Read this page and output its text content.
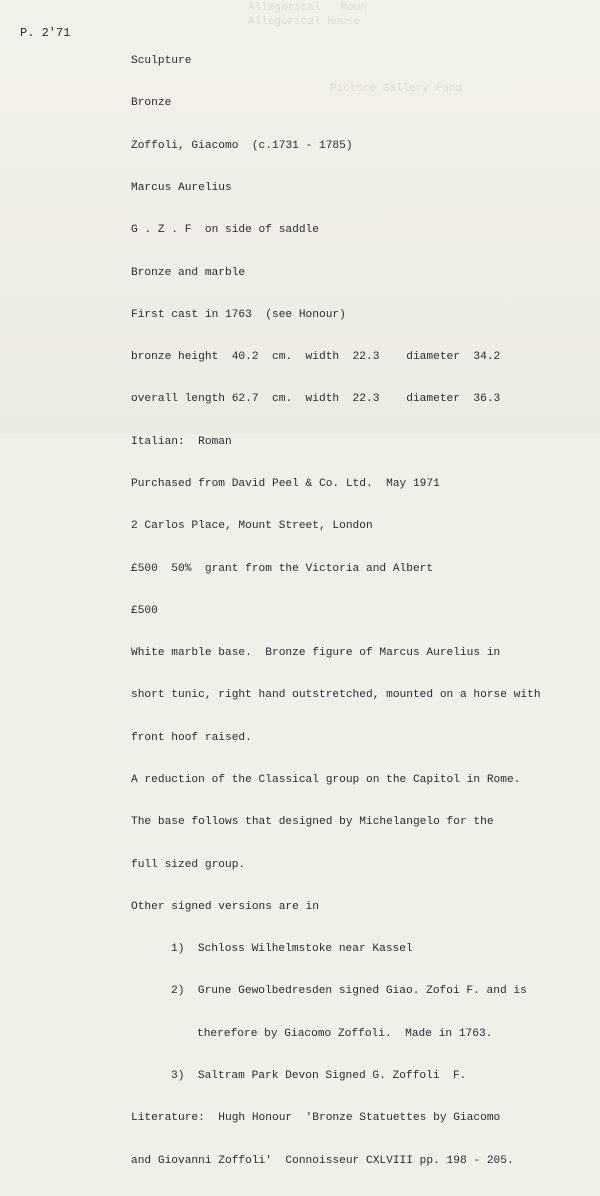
Allegorical   Moun
Allegorical House
Picture Gallery Fund
P. 2'71

Sculpture

Bronze

Zoffoli, Giacomo  (c.1731 - 1785)

Marcus Aurelius

G . Z . F  on side of saddle

Bronze and marble

First cast in 1763  (see Honour)

bronze height  40.2  cm.  width  22.3    diameter  34.2

overall length 62.7  cm.  width  22.3    diameter  36.3

Italian:  Roman

Purchased from David Peel & Co. Ltd.  May 1971

2 Carlos Place, Mount Street, London

£500  50%  grant from the Victoria and Albert

£500

White marble base.  Bronze figure of Marcus Aurelius in

short tunic, right hand outstretched, mounted on a horse with

front hoof raised.

A reduction of the Classical group on the Capitol in Rome.

The base follows that designed by Michelangelo for the

full sized group.

Other signed versions are in

1)  Schloss Wilhelmstoke near Kassel

2)  Grune Gewolbedresden signed Giao. Zofoi F. and is

therefore by Giacomo Zoffoli.  Made in 1763.

3)  Saltram Park Devon Signed G. Zoffoli  F.

Literature:  Hugh Honour  'Bronze Statuettes by Giacomo

and Giovanni Zoffoli'  Connoisseur CXLVIII pp. 198 - 205.
